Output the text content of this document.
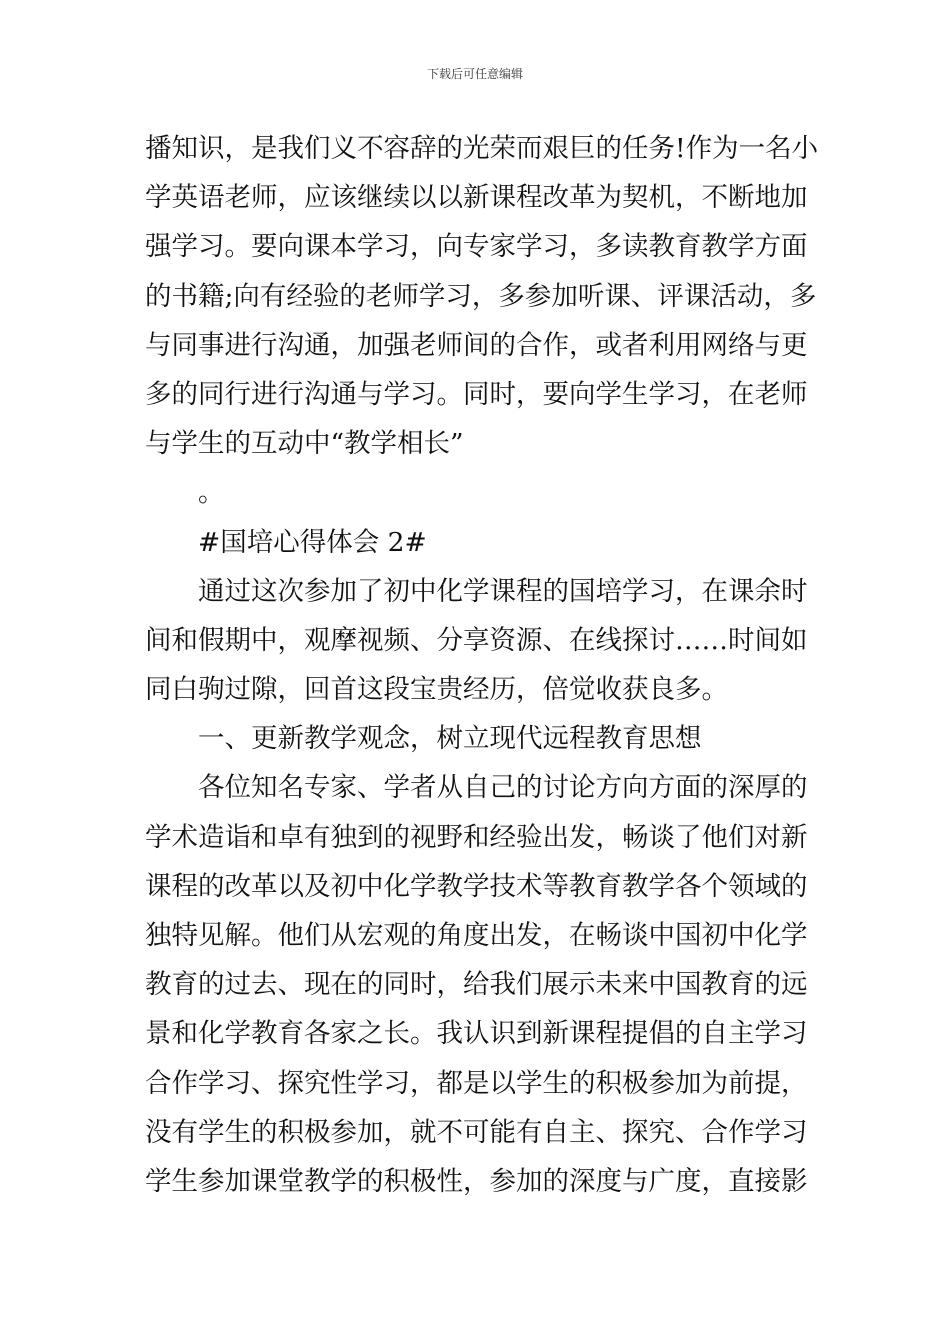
下载后可任意编辑
播知识，是我们义不容辞的光荣而艰巨的任务!作为一名小
学英语老师，应该继续以以新课程改革为契机，不断地加
强学习。要向课本学习，向专家学习，多读教育教学方面
的书籍;向有经验的老师学习，多参加听课、评课活动，多
与同事进行沟通，加强老师间的合作，或者利用网络与更
多的同行进行沟通与学习。同时，要向学生学习，在老师
与学生的互动中“教学相长”
。
#国培心得体会 2#
通过这次参加了初中化学课程的国培学习，在课余时
间和假期中，观摩视频、分享资源、在线探讨……时间如
同白驹过隙，回首这段宝贵经历，倍觉收获良多。
一、更新教学观念，树立现代远程教育思想
各位知名专家、学者从自己的讨论方向方面的深厚的
学术造诣和卓有独到的视野和经验出发，畅谈了他们对新
课程的改革以及初中化学教学技术等教育教学各个领域的
独特见解。他们从宏观的角度出发，在畅谈中国初中化学
教育的过去、现在的同时，给我们展示未来中国教育的远
景和化学教育各家之长。我认识到新课程提倡的自主学习
合作学习、探究性学习，都是以学生的积极参加为前提，
没有学生的积极参加，就不可能有自主、探究、合作学习
学生参加课堂教学的积极性，参加的深度与广度，直接影
